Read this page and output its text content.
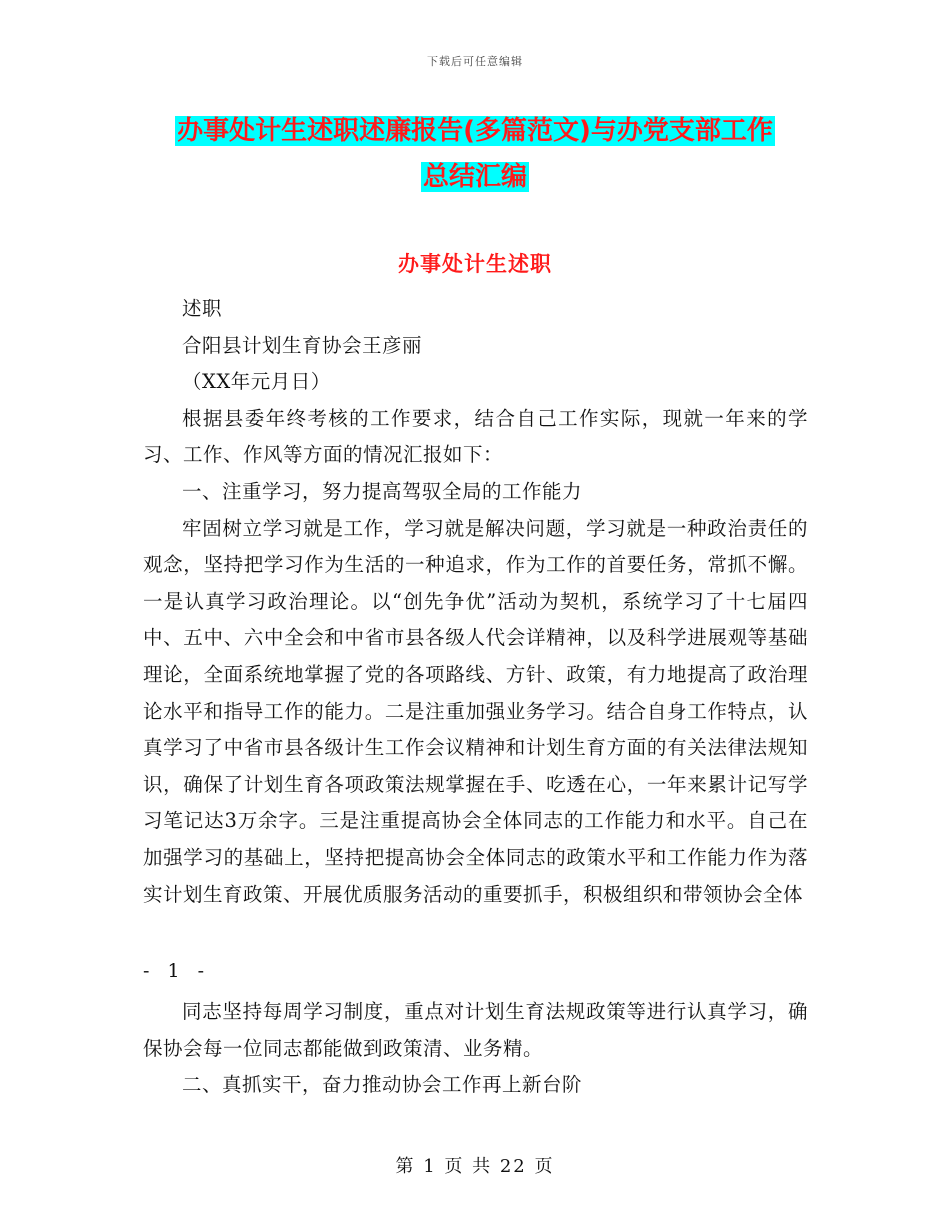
下载后可任意编辑
办事处计生述职述廉报告(多篇范文)与办党支部工作
总结汇编
办事处计生述职

述职

合阳县计划生育协会王彦丽

（XX年元月日）

根据县委年终考核的工作要求，结合自己工作实际，现就一年来的学习、工作、作风等方面的情况汇报如下：

一、注重学习，努力提高驾驭全局的工作能力

牢固树立学习就是工作，学习就是解决问题，学习就是一种政治责任的观念，坚持把学习作为生活的一种追求，作为工作的首要任务，常抓不懈。一是认真学习政治理论。以“创先争优”活动为契机，系统学习了十七届四中、五中、六中全会和中省市县各级人代会详精神，以及科学进展观等基础理论，全面系统地掌握了党的各项路线、方针、政策，有力地提高了政治理论水平和指导工作的能力。二是注重加强业务学习。结合自身工作特点，认真学习了中省市县各级计生工作会议精神和计划生育方面的有关法律法规知识，确保了计划生育各项政策法规掌握在手、吃透在心，一年来累计记写学习笔记达3万余字。三是注重提高协会全体同志的工作能力和水平。自己在加强学习的基础上，坚持把提高协会全体同志的政策水平和工作能力作为落实计划生育政策、开展优质服务活动的重要抓手，积极组织和带领协会全体

- 1 -

同志坚持每周学习制度，重点对计划生育法规政策等进行认真学习，确保协会每一位同志都能做到政策清、业务精。

二、真抓实干，奋力推动协会工作再上新台阶

第 1 页 共 22 页
